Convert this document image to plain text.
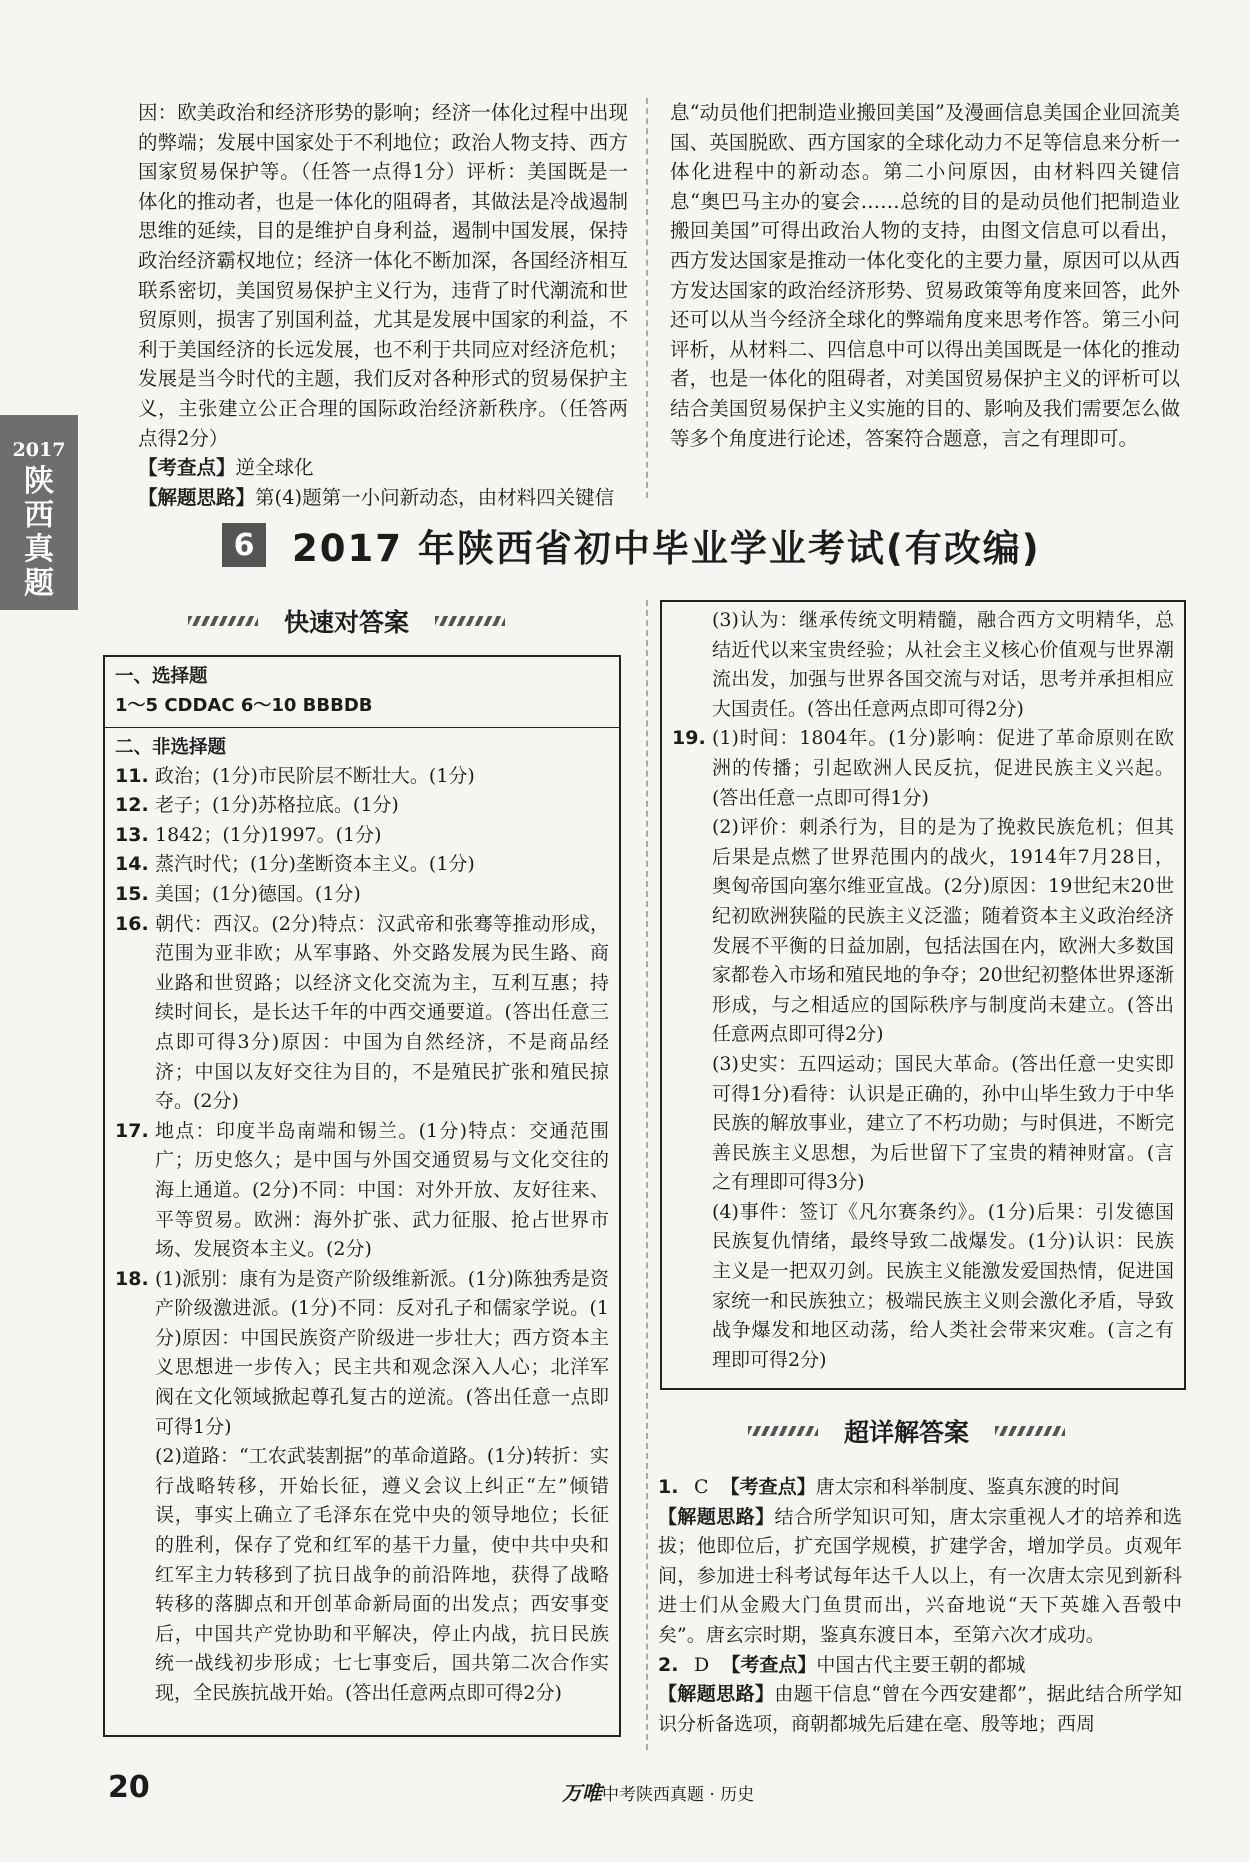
2017
陕西真题

因：欧美政治和经济形势的影响；经济一体化过程中出现的弊端；发展中国家处于不利地位；政治人物支持、西方国家贸易保护等。（任答一点得1分）评析：美国既是一体化的推动者，也是一体化的阻碍者，其做法是冷战遏制思维的延续，目的是维护自身利益，遏制中国发展，保持政治经济霸权地位；经济一体化不断加深，各国经济相互联系密切，美国贸易保护主义行为，违背了时代潮流和世贸原则，损害了别国利益，尤其是发展中国家的利益，不利于美国经济的长远发展，也不利于共同应对经济危机；发展是当今时代的主题，我们反对各种形式的贸易保护主义，主张建立公正合理的国际政治经济新秩序。（任答两点得2分）

【考查点】逆全球化

【解题思路】第(4)题第一小问新动态，由材料四关键信

息“动员他们把制造业搬回美国”及漫画信息美国企业回流美国、英国脱欧、西方国家的全球化动力不足等信息来分析一体化进程中的新动态。第二小问原因，由材料四关键信息“奥巴马主办的宴会……总统的目的是动员他们把制造业搬回美国”可得出政治人物的支持，由图文信息可以看出，西方发达国家是推动一体化变化的主要力量，原因可以从西方发达国家的政治经济形势、贸易政策等角度来回答，此外还可以从当今经济全球化的弊端角度来思考作答。第三小问评析，从材料二、四信息中可以得出美国既是一体化的推动者，也是一体化的阻碍者，对美国贸易保护主义的评析可以结合美国贸易保护主义实施的目的、影响及我们需要怎么做等多个角度进行论述，答案符合题意，言之有理即可。

6	2017 年陕西省初中毕业学业考试(有改编)
快速对答案
一、选择题
1～5 CDDAC 6～10 BBBDB
二、非选择题
11. 政治；(1分)市民阶层不断壮大。(1分)
12. 老子；(1分)苏格拉底。(1分)
13. 1842；(1分)1997。(1分)
14. 蒸汽时代；(1分)垄断资本主义。(1分)
15. 美国；(1分)德国。(1分)
16. 朝代：西汉。(2分)特点：汉武帝和张骞等推动形成，范围为亚非欧；从军事路、外交路发展为民生路、商业路和世贸路；以经济文化交流为主，互利互惠；持续时间长，是长达千年的中西交通要道。(答出任意三点即可得3分)原因：中国为自然经济，不是商品经济；中国以友好交往为目的，不是殖民扩张和殖民掠夺。(2分)
17. 地点：印度半岛南端和锡兰。(1分)特点：交通范围广；历史悠久；是中国与外国交通贸易与文化交往的海上通道。(2分)不同：中国：对外开放、友好往来、平等贸易。欧洲：海外扩张、武力征服、抢占世界市场、发展资本主义。(2分)
18. (1)派别：康有为是资产阶级维新派。(1分)陈独秀是资产阶级激进派。(1分)不同：反对孔子和儒家学说。(1分)原因：中国民族资产阶级进一步壮大；西方资本主义思想进一步传入；民主共和观念深入人心；北洋军阀在文化领域掀起尊孔复古的逆流。(答出任意一点即可得1分)
(2)道路：“工农武装割据”的革命道路。(1分)转折：实行战略转移，开始长征，遵义会议上纠正“左”倾错误，事实上确立了毛泽东在党中央的领导地位；长征的胜利，保存了党和红军的基干力量，使中共中央和红军主力转移到了抗日战争的前沿阵地，获得了战略转移的落脚点和开创革命新局面的出发点；西安事变后，中国共产党协助和平解决，停止内战，抗日民族统一战线初步形成；七七事变后，国共第二次合作实现，全民族抗战开始。(答出任意两点即可得2分)
(3)认为：继承传统文明精髓，融合西方文明精华，总结近代以来宝贵经验；从社会主义核心价值观与世界潮流出发，加强与世界各国交流与对话，思考并承担相应大国责任。(答出任意两点即可得2分)
19. (1)时间：1804年。(1分)影响：促进了革命原则在欧洲的传播；引起欧洲人民反抗，促进民族主义兴起。(答出任意一点即可得1分)
(2)评价：刺杀行为，目的是为了挽救民族危机；但其后果是点燃了世界范围内的战火，1914年7月28日，奥匈帝国向塞尔维亚宣战。(2分)原因：19世纪末20世纪初欧洲狭隘的民族主义泛滥；随着资本主义政治经济发展不平衡的日益加剧，包括法国在内，欧洲大多数国家都卷入市场和殖民地的争夺；20世纪初整体世界逐渐形成，与之相适应的国际秩序与制度尚未建立。(答出任意两点即可得2分)
(3)史实：五四运动；国民大革命。(答出任意一史实即可得1分)看待：认识是正确的，孙中山毕生致力于中华民族的解放事业，建立了不朽功勋；与时俱进，不断完善民族主义思想，为后世留下了宝贵的精神财富。(言之有理即可得3分)
(4)事件：签订《凡尔赛条约》。(1分)后果：引发德国民族复仇情绪，最终导致二战爆发。(1分)认识：民族主义是一把双刃剑。民族主义能激发爱国热情，促进国家统一和民族独立；极端民族主义则会激化矛盾，导致战争爆发和地区动荡，给人类社会带来灾难。(言之有理即可得2分)
超详解答案
1. C 【考查点】唐太宗和科举制度、鉴真东渡的时间

【解题思路】结合所学知识可知，唐太宗重视人才的培养和选拔；他即位后，扩充国学规模，扩建学舍，增加学员。贞观年间，参加进士科考试每年达千人以上，有一次唐太宗见到新科进士们从金殿大门鱼贯而出，兴奋地说“天下英雄入吾彀中矣”。唐玄宗时期，鉴真东渡日本，至第六次才成功。

2. D 【考查点】中国古代主要王朝的都城

【解题思路】由题干信息“曾在今西安建都”，据此结合所学知识分析备选项，商朝都城先后建在亳、殷等地；西周

20	万唯中考陕西真题 · 历史
